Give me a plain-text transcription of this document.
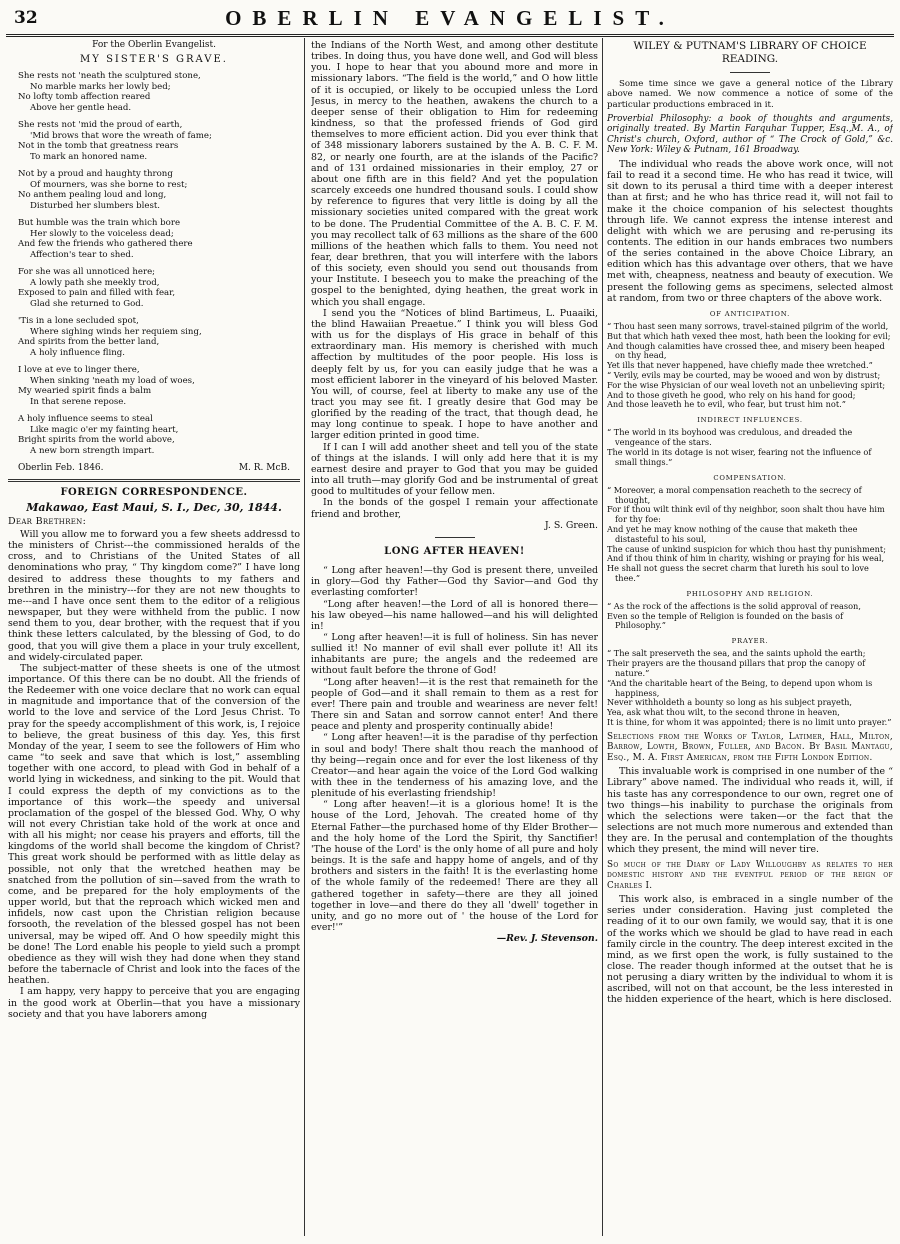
32	OBERLIN EVANGELIST.
For the Oberlin Evangelist.
MY SISTER'S GRAVE.
She rests not 'neath the sculptured stone,
No marble marks her lowly bed;
No lofty tomb affection reared
Above her gentle head.
She rests not 'mid the proud of earth,
'Mid brows that wore the wreath of fame;
Not in the tomb that greatness rears
To mark an honored name.
Not by a proud and haughty throng
Of mourners, was she borne to rest;
No anthem pealing loud and long,
Disturbed her slumbers blest.
But humble was the train which bore
Her slowly to the voiceless dead;
And few the friends who gathered there
Affection's tear to shed.
For she was all unnoticed here;
A lowly path she meekly trod,
Exposed to pain and filled with fear,
Glad she returned to God.
'Tis in a lone secluded spot,
Where sighing winds her requiem sing,
And spirits from the better land,
A holy influence fling.
I love at eve to linger there,
When sinking 'neath my load of woes,
My wearied spirit finds a balm
In that serene repose.
A holy influence seems to steal
Like magic o'er my fainting heart,
Bright spirits from the world above,
A new born strength impart.
Oberlin Feb. 1846.	M. R. McB.
FOREIGN CORRESPONDENCE.
Makawao, East Maui, S. I., Dec, 30, 1844.

Dear Brethren:

Will you allow me to forward you a few sheets addressd to the ministers of Christ---the commissioned heralds of the cross, and to Christians of the United States of all denominations who pray, “ Thy kingdom come?” I have long desired to address these thoughts to my fathers and brethren in the ministry---for they are not new thoughts to me---and I have once sent them to the editor of a religious newspaper, but they were withheld from the public. I now send them to you, dear brother, with the request that if you think these letters calculated, by the blessing of God, to do good, that you will give them a place in your truly excellent, and widely-circulated paper.

The subject-matter of these sheets is one of the utmost importance. Of this there can be no doubt. All the friends of the Redeemer with one voice declare that no work can equal in magnitude and importance that of the conversion of the world to the love and service of the Lord Jesus Christ. To pray for the speedy accomplishment of this work, is, I rejoice to believe, the great business of this day. Yes, this first Monday of the year, I seem to see the followers of Him who came “to seek and save that which is lost,” assembling together with one accord, to plead with God in behalf of a world lying in wickedness, and sinking to the pit. Would that I could express the depth of my convictions as to the importance of this work—the speedy and universal proclamation of the gospel of the blessed God. Why, O why will not every Christian take hold of the work at once and with all his might; nor cease his prayers and efforts, till the kingdoms of the world shall become the kingdom of Christ? This great work should be performed with as little delay as possible, not only that the wretched heathen may be snatched from the pollution of sin—saved from the wrath to come, and be prepared for the holy employments of the upper world, but that the reproach which wicked men and infidels, now cast upon the Christian religion because forsooth, the revelation of the blessed gospel has not been universal, may be wiped off. And O how speedily might this be done! The Lord enable his people to yield such a prompt obedience as they will wish they had done when they stand before the tabernacle of Christ and look into the faces of the heathen.

I am happy, very happy to perceive that you are engaging in the good work at Oberlin—that you have a missionary society and that you have laborers among

the Indians of the North West, and among other destitute tribes. In doing thus, you have done well, and God will bless you. I hope to hear that you abound more and more in missionary labors. “The field is the world,” and O how little of it is occupied, or likely to be occupied unless the Lord Jesus, in mercy to the heathen, awakens the church to a deeper sense of their obligation to Him for redeeming kindness, so that the professed friends of God gird themselves to more efficient action. Did you ever think that of 348 missionary laborers sustained by the A. B. C. F. M. 82, or nearly one fourth, are at the islands of the Pacific? and of 131 ordained missionaries in their employ, 27 or about one fifth are in this field? And yet the population scarcely exceeds one hundred thousand souls. I could show by reference to figures that very little is doing by all the missionary societies united compared with the great work to be done. The Prudential Committee of the A. B. C. F. M. you may recollect talk of 63 millions as the share of the 600 millions of the heathen which falls to them. You need not fear, dear brethren, that you will interfere with the labors of this society, even should you send out thousands from your Institute. I beseech you to make the preaching of the gospel to the benighted, dying heathen, the great work in which you shall engage.

I send you the “Notices of blind Bartimeus, L. Puaaiki, the blind Hawaiian Preaetue.” I think you will bless God with us for the displays of His grace in behalf of this extraordinary man. His memory is cherished with much affection by multitudes of the poor people. His loss is deeply felt by us, for you can easily judge that he was a most efficient laborer in the vineyard of his beloved Master. You will, of course, feel at liberty to make any use of the tract you may see fit. I greatly desire that God may be glorified by the reading of the tract, that though dead, he may long continue to speak. I hope to have another and larger edition printed in good time.

If I can I will add another sheet and tell you of the state of things at the islands. I will only add here that it is my earnest desire and prayer to God that you may be guided into all truth—may glorify God and be instrumental of great good to multitudes of your fellow men.

In the bonds of the gospel I remain your affectionate friend and brother,

J. S. Green.

LONG AFTER HEAVEN!

“ Long after heaven!—thy God is present there, unveiled in glory—God thy Father—God thy Savior—and God thy everlasting comforter!

“Long after heaven!—the Lord of all is honored there—his law obeyed—his name hallowed—and his will delighted in!

“ Long after heaven!—it is full of holiness. Sin has never sullied it! No manner of evil shall ever pollute it! All its inhabitants are pure; the angels and the redeemed are without fault before the throne of God!

“Long after heaven!—it is the rest that remaineth for the people of God—and it shall remain to them as a rest for ever! There pain and trouble and weariness are never felt! There sin and Satan and sorrow cannot enter! And there peace and plenty and prosperity continually abide!

“ Long after heaven!—it is the paradise of thy perfection in soul and body! There shalt thou reach the manhood of thy being—regain once and for ever the lost likeness of thy Creator—and hear again the voice of the Lord God walking with thee in the tenderness of his amazing love, and the plenitude of his everlasting friendship!

“ Long after heaven!—it is a glorious home! It is the house of the Lord, Jehovah. The created home of thy Eternal Father—the purchased home of thy Elder Brother—and the holy home of the Lord the Spirit, thy Sanctifier! 'The house of the Lord' is the only home of all pure and holy beings. It is the safe and happy home of angels, and of thy brothers and sisters in the faith! It is the everlasting home of the whole family of the redeemed! There are they all gathered together in safety—there are they all joined together in love—and there do they all 'dwell' together in unity, and go no more out of ' the house of the Lord for ever!'”

—Rev. J. Stevenson.

WILEY & PUTNAM'S LIBRARY OF CHOICE READING.

Some time since we gave a general notice of the Library above named. We now commence a notice of some of the particular productions embraced in it.

Proverbial Philosophy: a book of thoughts and arguments, originally treated. By Martin Farquhar Tupper, Esq.,M. A., of Christ's church, Oxford, author of “ The Crock of Gold,” &c. New York: Wiley & Putnam, 161 Broadway.

The individual who reads the above work once, will not fail to read it a second time. He who has read it twice, will sit down to its perusal a third time with a deeper interest than at first; and he who has thrice read it, will not fail to make it the choice companion of his selectest thoughts through life. We cannot express the intense interest and delight with which we are perusing and re-perusing its contents. The edition in our hands embraces two numbers of the series contained in the above Choice Library, an edition which has this advantage over others, that we have met with, cheapness, neatness and beauty of execution. We present the following gems as specimens, selected almost at random, from two or three chapters of the above work.

OF ANTICIPATION.
“ Thou hast seen many sorrows, travel-stained pilgrim of the world,
But that which hath vexed thee most, hath been the looking for evil;
And though calamities have crossed thee, and misery been heaped on thy head,
Yet ills that never happened, have chiefly made thee wretched.”
“ Verily, evils may be courted, may be wooed and won by distrust;
For the wise Physician of our weal loveth not an unbelieving spirit;
And to those giveth he good, who rely on his hand for good;
And those leaveth he to evil, who fear, but trust him not.”
INDIRECT INFLUENCES.
“ The world in its boyhood was credulous, and dreaded the vengeance of the stars.
The world in its dotage is not wiser, fearing not the influence of small things.”
COMPENSATION.
“ Moreover, a moral compensation reacheth to the secrecy of thought,
For if thou wilt think evil of thy neighbor, soon shalt thou have him for thy foe:
And yet he may know nothing of the cause that maketh thee distasteful to his soul,
The cause of unkind suspicion for which thou hast thy punishment;
And if thou think of him in charity, wishing or praying for his weal,
He shall not guess the secret charm that lureth his soul to love thee.”
PHILOSOPHY AND RELIGION.
“ As the rock of the affections is the solid approval of reason,
Even so the temple of Religion is founded on the basis of Philosophy.”
PRAYER.
“ The salt preserveth the sea, and the saints uphold the earth;
Their prayers are the thousand pillars that prop the canopy of nature.”
“And the charitable heart of the Being, to depend upon whom is happiness,
Never withholdeth a bounty so long as his subject prayeth,
Yea, ask what thou wilt, to the second throne in heaven,
It is thine, for whom it was appointed; there is no limit unto prayer.”

Selections from the Works of Taylor, Latimer, Hall, Milton, Barrow, Lowth, Brown, Fuller, and Bacon. By Basil Mantagu, Esq., M. A. First American, from the Fifth London Edition.

This invaluable work is comprised in one number of the “ Library” above named. The individual who reads it, will, if his taste has any correspondence to our own, regret one of two things—his inability to purchase the originals from which the selections were taken—or the fact that the selections are not much more numerous and extended than they are. In the perusal and contemplation of the thoughts which they present, the mind will never tire.

So much of the Diary of Lady Willoughby as relates to her domestic history and the eventful period of the reign of Charles I.

This work also, is embraced in a single number of the series under consideration. Having just completed the reading of it to our own family, we would say, that it is one of the works which we should be glad to have read in each family circle in the country. The deep interest excited in the mind, as we first open the work, is fully sustained to the close. The reader though informed at the outset that he is not perusing a diary written by the individual to whom it is ascribed, will not on that account, be the less interested in the hidden experience of the heart, which is here disclosed.
